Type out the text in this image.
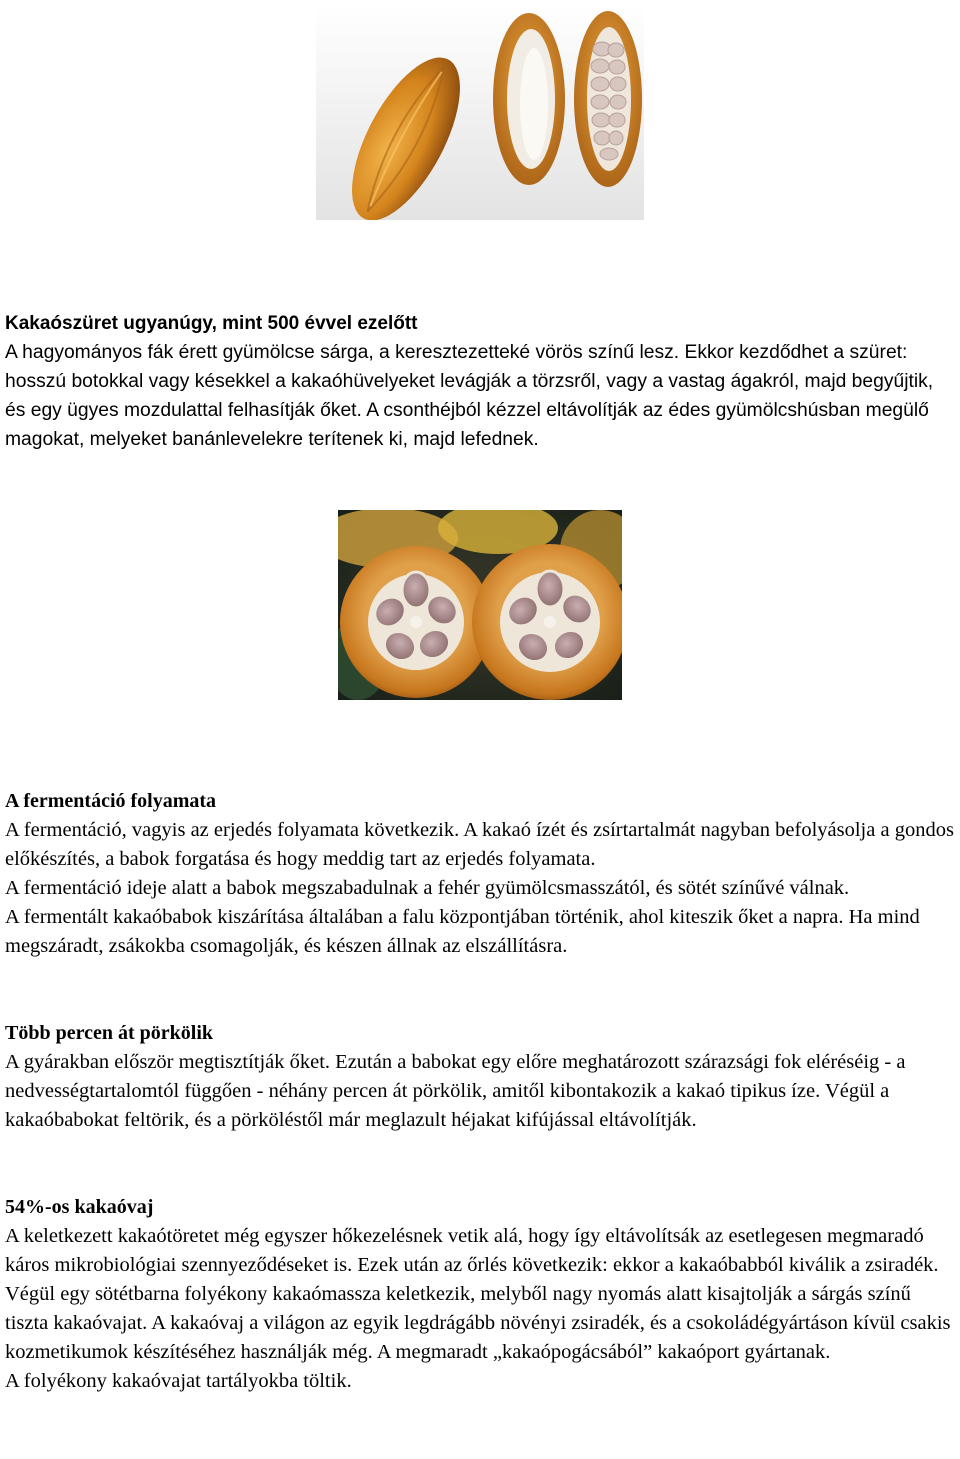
Kakaószüret ugyanúgy, mint 500 évvel ezelőtt

A hagyományos fák érett gyümölcse sárga, a keresztezetteké vörös színű lesz. Ekkor kezdődhet a szüret: hosszú botokkal vagy késekkel a kakaóhüvelyeket levágják a törzsről, vagy a vastag ágakról, majd begyűjtik, és egy ügyes mozdulattal felhasítják őket. A csonthéjból kézzel eltávolítják az édes gyümölcshúsban megülő magokat, melyeket banánlevelekre terítenek ki, majd lefednek.

A fermentáció folyamata

A fermentáció, vagyis az erjedés folyamata következik. A kakaó ízét és zsírtartalmát nagyban befolyásolja a gondos előkészítés, a babok forgatása és hogy meddig tart az erjedés folyamata.

A fermentáció ideje alatt a babok megszabadulnak a fehér gyümölcsmasszától, és sötét színűvé válnak.

A fermentált kakaóbabok kiszárítása általában a falu központjában történik, ahol kiteszik őket a napra. Ha mind megszáradt, zsákokba csomagolják, és készen állnak az elszállításra.

Több percen át pörkölik

A gyárakban először megtisztítják őket. Ezután a babokat egy előre meghatározott szárazsági fok eléréséig - a nedvességtartalomtól függően - néhány percen át pörkölik, amitől kibontakozik a kakaó tipikus íze. Végül a kakaóbabokat feltörik, és a pörköléstől már meglazult héjakat kifújással eltávolítják.

54%-os kakaóvaj

A keletkezett kakaótöretet még egyszer hőkezelésnek vetik alá, hogy így eltávolítsák az esetlegesen megmaradó káros mikrobiológiai szennyeződéseket is. Ezek után az őrlés következik: ekkor a kakaóbabból kiválik a zsiradék. Végül egy sötétbarna folyékony kakaómassza keletkezik, melyből nagy nyomás alatt kisajtolják a sárgás színű tiszta kakaóvajat. A kakaóvaj a világon az egyik legdrágább növényi zsiradék, és a csokoládégyártáson kívül csakis kozmetikumok készítéséhez használják még. A megmaradt „kakaópogácsából” kakaóport gyártanak.

A folyékony kakaóvajat tartályokba töltik.
